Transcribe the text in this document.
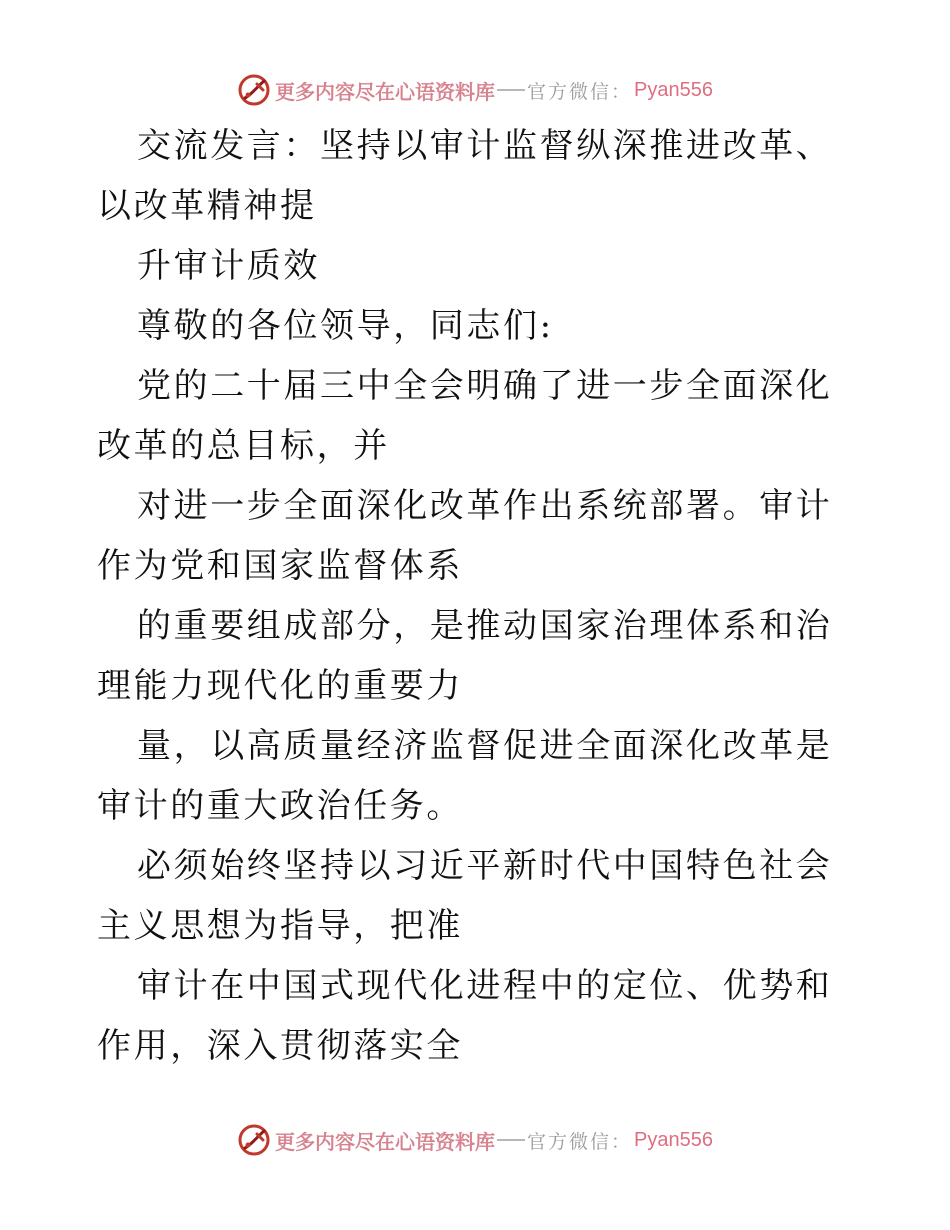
更多内容尽在心语资料库 官方微信： Pyan556

交流发言：坚持以审计监督纵深推进改革、以改革精神提

升审计质效

尊敬的各位领导，同志们:

党的二十届三中全会明确了进一步全面深化改革的总目标，并

对进一步全面深化改革作出系统部署。审计作为党和国家监督体系

的重要组成部分，是推动国家治理体系和治理能力现代化的重要力

量，以高质量经济监督促进全面深化改革是审计的重大政治任务。

必须始终坚持以习近平新时代中国特色社会主义思想为指导，把准

审计在中国式现代化进程中的定位、优势和作用，深入贯彻落实全

更多内容尽在心语资料库 官方微信： Pyan556
